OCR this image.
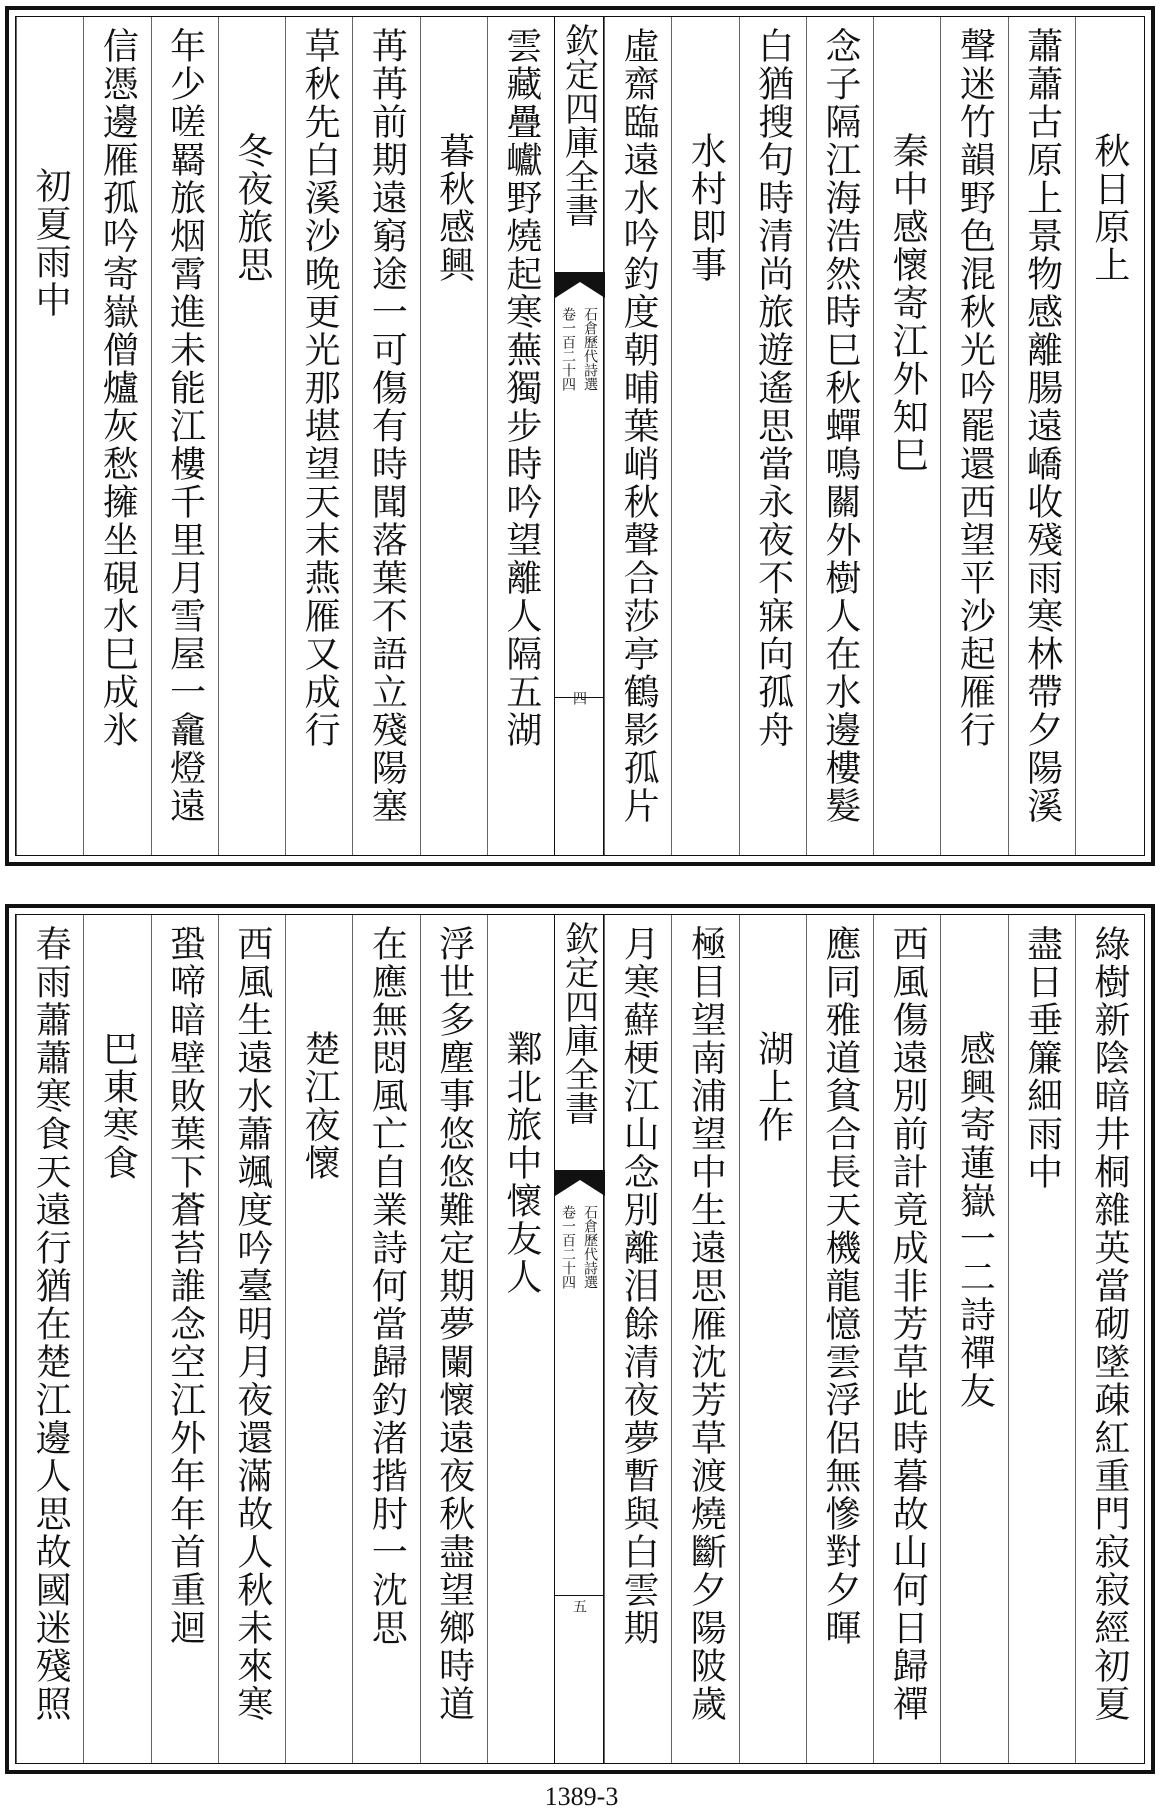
秋日原上
蕭蕭古原上景物感離腸遠嶠收殘雨寒林帶夕陽溪
聲迷竹韻野色混秋光吟罷還西望平沙起雁行
秦中感懷寄江外知巳
念子隔江海浩然時巳秋蟬鳴關外樹人在水邊樓髮
白猶搜句時清尚旅遊遙思當永夜不寐向孤舟
水村即事
虛齋臨遠水吟釣度朝晡葉峭秋聲合莎亭鶴影孤片
欽定四庫全書
石倉歷代詩選
卷一百二十四
四
雲藏疊巘野燒起寒蕪獨步時吟望離人隔五湖
暮秋感興
苒苒前期遠窮途一可傷有時聞落葉不語立殘陽塞
草秋先白溪沙晚更光那堪望天末燕雁又成行
冬夜旅思
年少嗟羇旅烟霄進未能江樓千里月雪屋一龕燈遠
信憑邊雁孤吟寄嶽僧爐灰愁擁坐硯水巳成氷
初夏雨中
綠樹新陰暗井桐雜英當砌墜疎紅重門寂寂經初夏
盡日垂簾細雨中
感興寄蓮嶽一二詩禪友
西風傷遠別前計竟成非芳草此時暮故山何日歸禪
應同雅道貧合長天機龍憶雲浮侶無慘對夕暉
湖上作
極目望南浦望中生遠思雁沈芳草渡燒斷夕陽陂歲
月寒蘚梗江山念別離泪餘清夜夢暫與白雲期
欽定四庫全書
石倉歷代詩選
卷一百二十四
五
鄴北旅中懷友人
浮世多塵事悠悠難定期夢闌懷遠夜秋盡望鄉時道
在應無悶風亡自業詩何當歸釣渚揩肘一沈思
楚江夜懷
西風生遠水蕭颯度吟臺明月夜還滿故人秋未來寒
蛩啼暗壁敗葉下蒼苔誰念空江外年年首重迴
巴東寒食
春雨蕭蕭寒食天遠行猶在楚江邊人思故國迷殘照
1389-3
